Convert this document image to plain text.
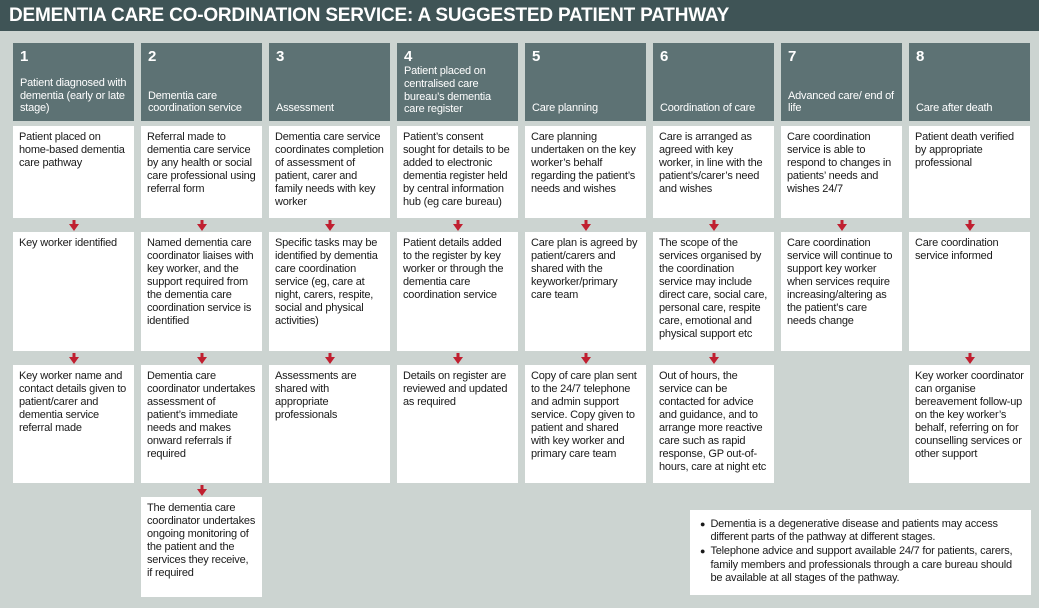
DEMENTIA CARE CO-ORDINATION SERVICE: A SUGGESTED PATIENT PATHWAY
1
Patient diagnosed with dementia (early or late stage)
Patient placed on home-based dementia care pathway
Key worker identified
Key worker name and contact details given to patient/carer and dementia service referral made
2
Dementia care coordination service
Referral made to dementia care service by any health or social care professional using referral form
Named dementia care coordinator liaises with key worker, and the support required from the dementia care coordination service is identified
Dementia care coordinator undertakes assessment of patient’s immediate needs and makes onward referrals if required
The dementia care coordinator undertakes ongoing monitoring of the patient and the services they receive, if required
3
Assessment
Dementia care service coordinates completion of assessment of patient, carer and family needs with key worker
Specific tasks may be identified by dementia care coordination service (eg, care at night, carers, respite, social and physical activities)
Assessments are shared with appropriate professionals
4
Patient placed on centralised care bureau’s dementia care register
Patient’s consent sought for details to be added to electronic dementia register held by central information hub (eg care bureau)
Patient details added to the register by key worker or through the dementia care coordination service
Details on register are reviewed and updated as required
5
Care planning
Care planning undertaken on the key worker’s behalf regarding the patient’s needs and wishes
Care plan is agreed by patient/carers and shared with the keyworker/primary care team
Copy of care plan sent to the 24/7 telephone and admin support service. Copy given to patient and shared with key worker and primary care team
6
Coordination of care
Care is arranged as agreed with key worker, in line with the patient’s/carer’s need and wishes
The scope of the services organised by the coordination service may include direct care, social care, personal care, respite care, emotional and physical support etc
Out of hours, the service can be contacted for advice and guidance, and to arrange more reactive care such as rapid response, GP out-of-hours, care at night etc
7
Advanced care/ end of life
Care coordination service is able to respond to changes in patients’ needs and wishes 24/7
Care coordination service will continue to support key worker when services require increasing/altering as the patient’s care needs change
8
Care after death
Patient death verified by appropriate professional
Care coordination service informed
Key worker coordinator can organise bereavement follow-up on the key worker’s behalf, referring on for counselling services or other support
● Dementia is a degenerative disease and patients may access different parts of the pathway at different stages.
● Telephone advice and support available 24/7 for patients, carers, family members and professionals through a care bureau should be available at all stages of the pathway.
